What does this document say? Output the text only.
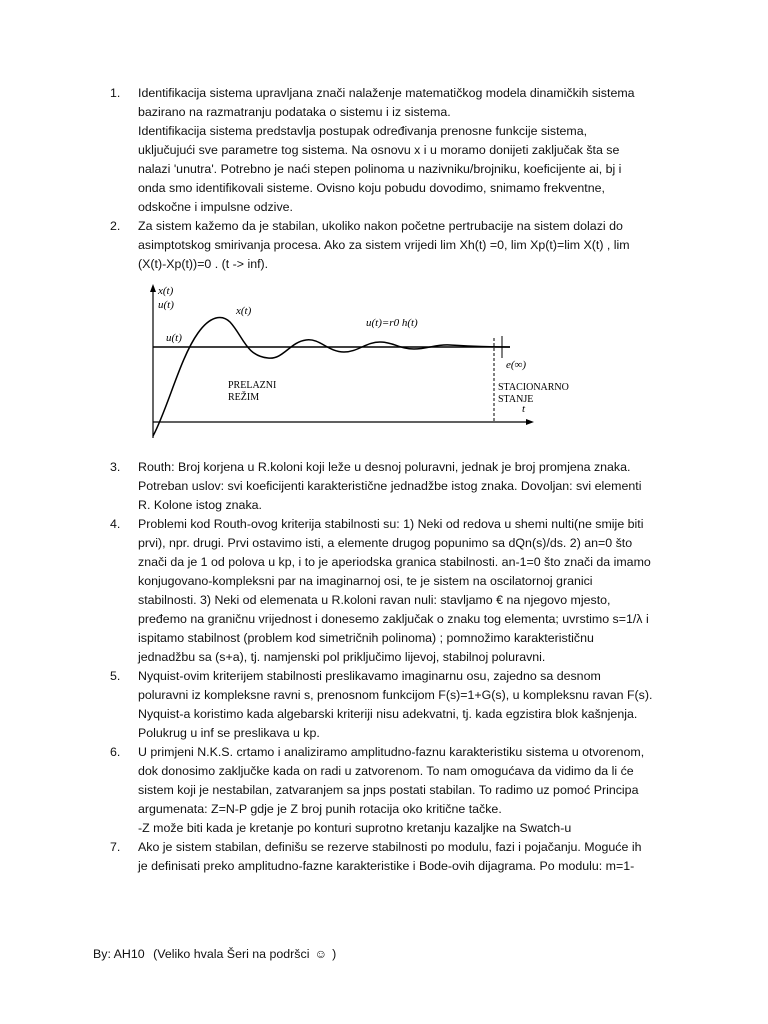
1. Identifikacija sistema upravljana znači nalaženje matematičkog modela dinamičkih sistema
bazirano na razmatranju podataka o sistemu i iz sistema.
Identifikacija sistema predstavlja postupak određivanja prenosne funkcije sistema,
uključujući sve parametre tog sistema. Na osnovu x i u moramo donijeti zaključak šta se
nalazi 'unutra'. Potrebno je naći stepen polinoma u nazivniku/brojniku, koeficijente ai, bj i
onda smo identifikovali sisteme. Ovisno koju pobudu dovodimo, snimamo frekventne,
odskočne i impulsne odzive.
2. Za sistem kažemo da je stabilan, ukoliko nakon početne pertrubacije na sistem dolazi do
asimptotskog smirivanja procesa. Ako za sistem vrijedi lim Xh(t) =0, lim Xp(t)=lim X(t) , lim
(X(t)-Xp(t))=0 . (t -> inf).
x(t)
u(t)
t
u(t)
x(t)
u(t)=r0 h(t)
e(∞)
PRELAZNI
REŽIM
STACIONARNO
STANJE
3. Routh: Broj korjena u R.koloni koji leže u desnoj poluravni, jednak je broj promjena znaka.
Potreban uslov: svi koeficijenti karakteristične jednadžbe istog znaka. Dovoljan: svi elementi
R. Kolone istog znaka.
4. Problemi kod Routh-ovog kriterija stabilnosti su: 1) Neki od redova u shemi nulti(ne smije biti
prvi), npr. drugi. Prvi ostavimo isti, a elemente drugog popunimo sa dQn(s)/ds. 2) an=0 što
znači da je 1 od polova u kp, i to je aperiodska granica stabilnosti. an-1=0 što znači da imamo
konjugovano-kompleksni par na imaginarnoj osi, te je sistem na oscilatornoj granici
stabilnosti. 3) Neki od elemenata u R.koloni ravan nuli: stavljamo € na njegovo mjesto,
pređemo na graničnu vrijednost i donesemo zaključak o znaku tog elementa; uvrstimo s=1/λ i
ispitamo stabilnost (problem kod simetričnih polinoma) ; pomnožimo karakterističnu
jednadžbu sa (s+a), tj. namjenski pol priključimo lijevoj, stabilnoj poluravni.
5. Nyquist-ovim kriterijem stabilnosti preslikavamo imaginarnu osu, zajedno sa desnom
poluravni iz kompleksne ravni s, prenosnom funkcijom F(s)=1+G(s), u kompleksnu ravan F(s).
Nyquist-a koristimo kada algebarski kriteriji nisu adekvatni, tj. kada egzistira blok kašnjenja.
Polukrug u inf se preslikava u kp.
6. U primjeni N.K.S. crtamo i analiziramo amplitudno-faznu karakteristiku sistema u otvorenom,
dok donosimo zaključke kada on radi u zatvorenom. To nam omogućava da vidimo da li će
sistem koji je nestabilan, zatvaranjem sa jnps postati stabilan. To radimo uz pomoć Principa
argumenata: Z=N-P gdje je Z broj punih rotacija oko kritične tačke.
-Z može biti kada je kretanje po konturi suprotno kretanju kazaljke na Swatch-u
7. Ako je sistem stabilan, definišu se rezerve stabilnosti po modulu, fazi i pojačanju. Moguće ih
je definisati preko amplitudno-fazne karakteristike i Bode-ovih dijagrama. Po modulu: m=1-
By: AH10 (Veliko hvala Šeri na podršci ☺ )
